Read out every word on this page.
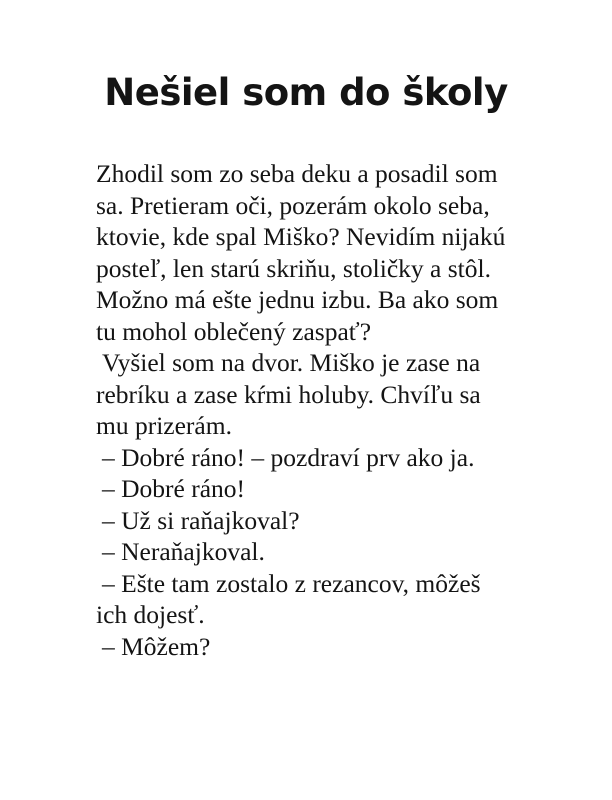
Nešiel som do školy
Zhodil som zo seba deku a posadil som
sa. Pretieram oči, pozerám okolo seba,
ktovie, kde spal Miško? Nevidím nijakú
posteľ, len starú skriňu, stoličky a stôl.
Možno má ešte jednu izbu. Ba ako som
tu mohol oblečený zaspať?
Vyšiel som na dvor. Miško je zase na
rebríku a zase kŕmi holuby. Chvíľu sa
mu prizerám.
– Dobré ráno! – pozdraví prv ako ja.
– Dobré ráno!
– Už si raňajkoval?
– Neraňajkoval.
– Ešte tam zostalo z rezancov, môžeš
ich dojesť.
– Môžem?
